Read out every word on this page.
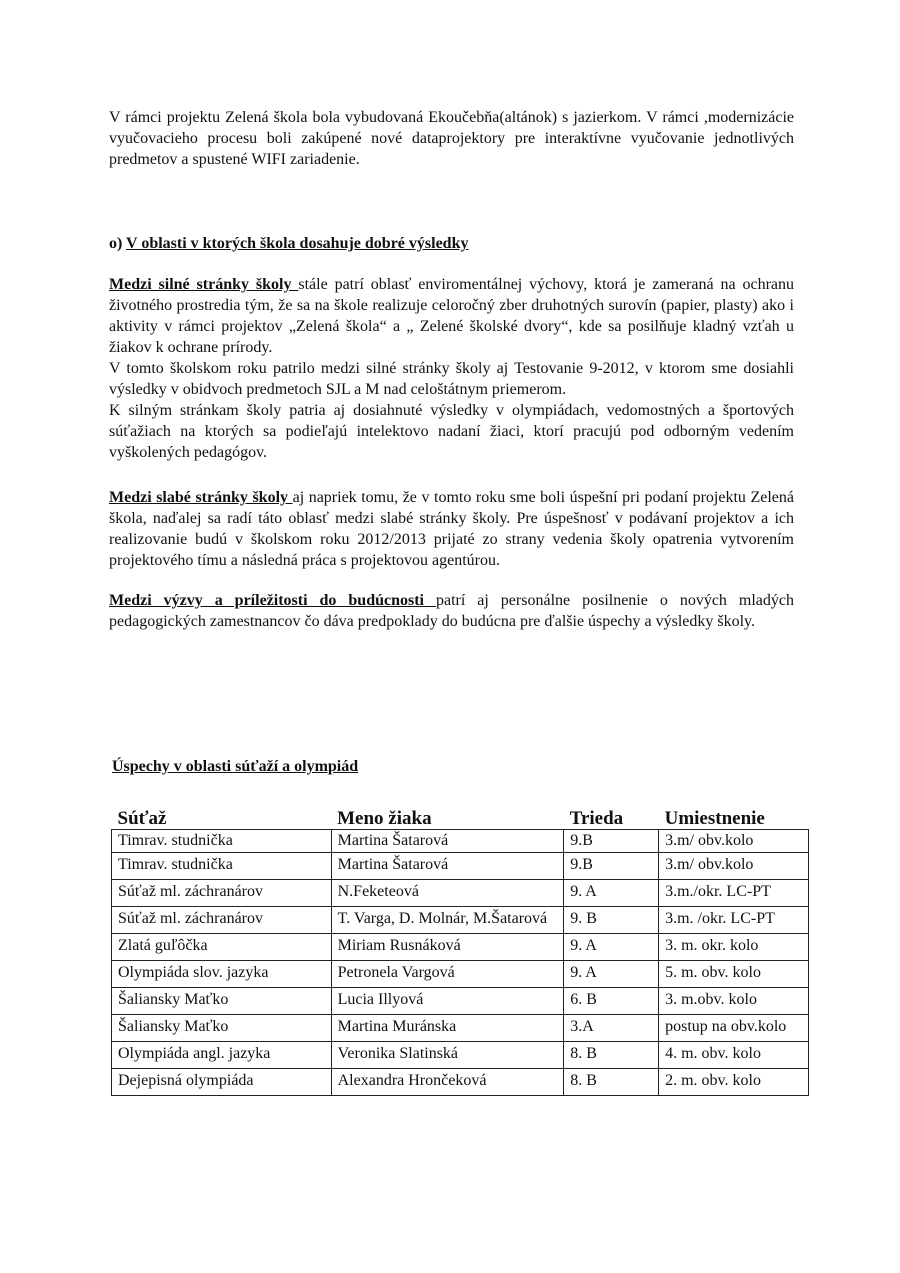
V rámci projektu Zelená škola bola vybudovaná Ekoučebňa(altánok) s jazierkom. V rámci ,modernizácie vyučovacieho procesu boli zakúpené nové dataprojektory pre interaktívne vyučovanie jednotlivých predmetov a spustené WIFI zariadenie.

o) V oblasti v ktorých škola dosahuje dobré výsledky

Medzi silné stránky školy stále patrí oblasť enviromentálnej výchovy, ktorá je zameraná na ochranu životného prostredia tým, že sa na škole realizuje celoročný zber druhotných surovín (papier, plasty) ako i aktivity v rámci projektov „Zelená škola“ a „ Zelené školské dvory“, kde sa posilňuje kladný vzťah u žiakov k ochrane prírody.

V tomto školskom roku patrilo medzi silné stránky školy aj Testovanie 9-2012, v ktorom sme dosiahli výsledky v obidvoch predmetoch SJL a M nad celoštátnym priemerom.

K silným stránkam školy patria aj dosiahnuté výsledky v olympiádach, vedomostných a športových súťažiach na ktorých sa podieľajú intelektovo nadaní žiaci, ktorí pracujú pod odborným vedením vyškolených pedagógov.

Medzi slabé stránky školy aj napriek tomu, že v tomto roku sme boli úspešní pri podaní projektu Zelená škola, naďalej sa radí táto oblasť medzi slabé stránky školy. Pre úspešnosť v podávaní projektov a ich realizovanie budú v školskom roku 2012/2013 prijaté zo strany vedenia školy opatrenia vytvorením projektového tímu a následná práca s projektovou agentúrou.

Medzi výzvy a príležitosti do budúcnosti patrí aj personálne posilnenie o nových mladých pedagogických zamestnancov čo dáva predpoklady do budúcna pre ďalšie úspechy a výsledky školy.

Úspechy v oblasti súťaží a olympiád

Súťaž	Meno žiaka	Trieda	Umiestnenie
Timrav. studnička	Martina Šatarová	9.B	3.m/ obv.kolo
Timrav. studnička	Martina Šatarová	9.B	3.m/ obv.kolo
Súťaž ml. záchranárov	N.Feketeová	9. A	3.m./okr. LC-PT
Súťaž ml. záchranárov	T. Varga, D. Molnár, M.Šatarová	9. B	3.m. /okr. LC-PT
Zlatá guľôčka	Miriam Rusnáková	9. A	3. m. okr. kolo
Olympiáda slov. jazyka	Petronela Vargová	9. A	5. m. obv. kolo
Šaliansky Maťko	Lucia Illyová	6. B	3. m.obv. kolo
Šaliansky Maťko	Martina Muránska	3.A	postup na obv.kolo
Olympiáda angl. jazyka	Veronika Slatinská	8. B	4. m. obv. kolo
Dejepisná olympiáda	Alexandra Hrončeková	8. B	2. m. obv. kolo
